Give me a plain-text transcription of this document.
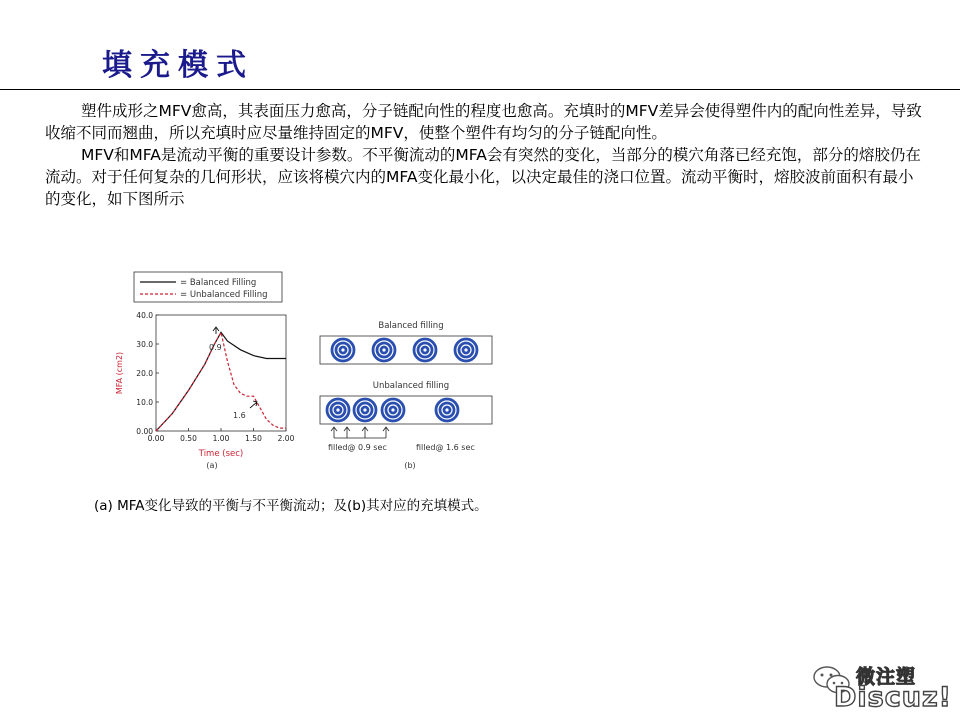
填充模式

塑件成形之MFV愈高，其表面压力愈高，分子链配向性的程度也愈高。充填时的MFV差异会使得塑件内的配向性差异，导致收缩不同而翘曲，所以充填时应尽量维持固定的MFV，使整个塑件有均匀的分子链配向性。

MFV和MFA是流动平衡的重要设计参数。不平衡流动的MFA会有突然的变化，当部分的模穴角落已经充饱，部分的熔胶仍在流动。对于任何复杂的几何形状，应该将模穴内的MFA变化最小化，以决定最佳的浇口位置。流动平衡时，熔胶波前面积有最小的变化，如下图所示

= Balanced Filling
= Unbalanced Filling
0.00
10.0
20.0
30.0
40.0
0.00 0.50 1.00 1.50 2.00
MFA (cm2)
Time (sec)
(a)
0.9
1.6
Balanced filling
Unbalanced filling
filled@ 0.9 sec	filled@ 1.6 sec
(b)
(a) MFA变化导致的平衡与不平衡流动；及(b)其对应的充填模式。
微注塑
Discuz!
